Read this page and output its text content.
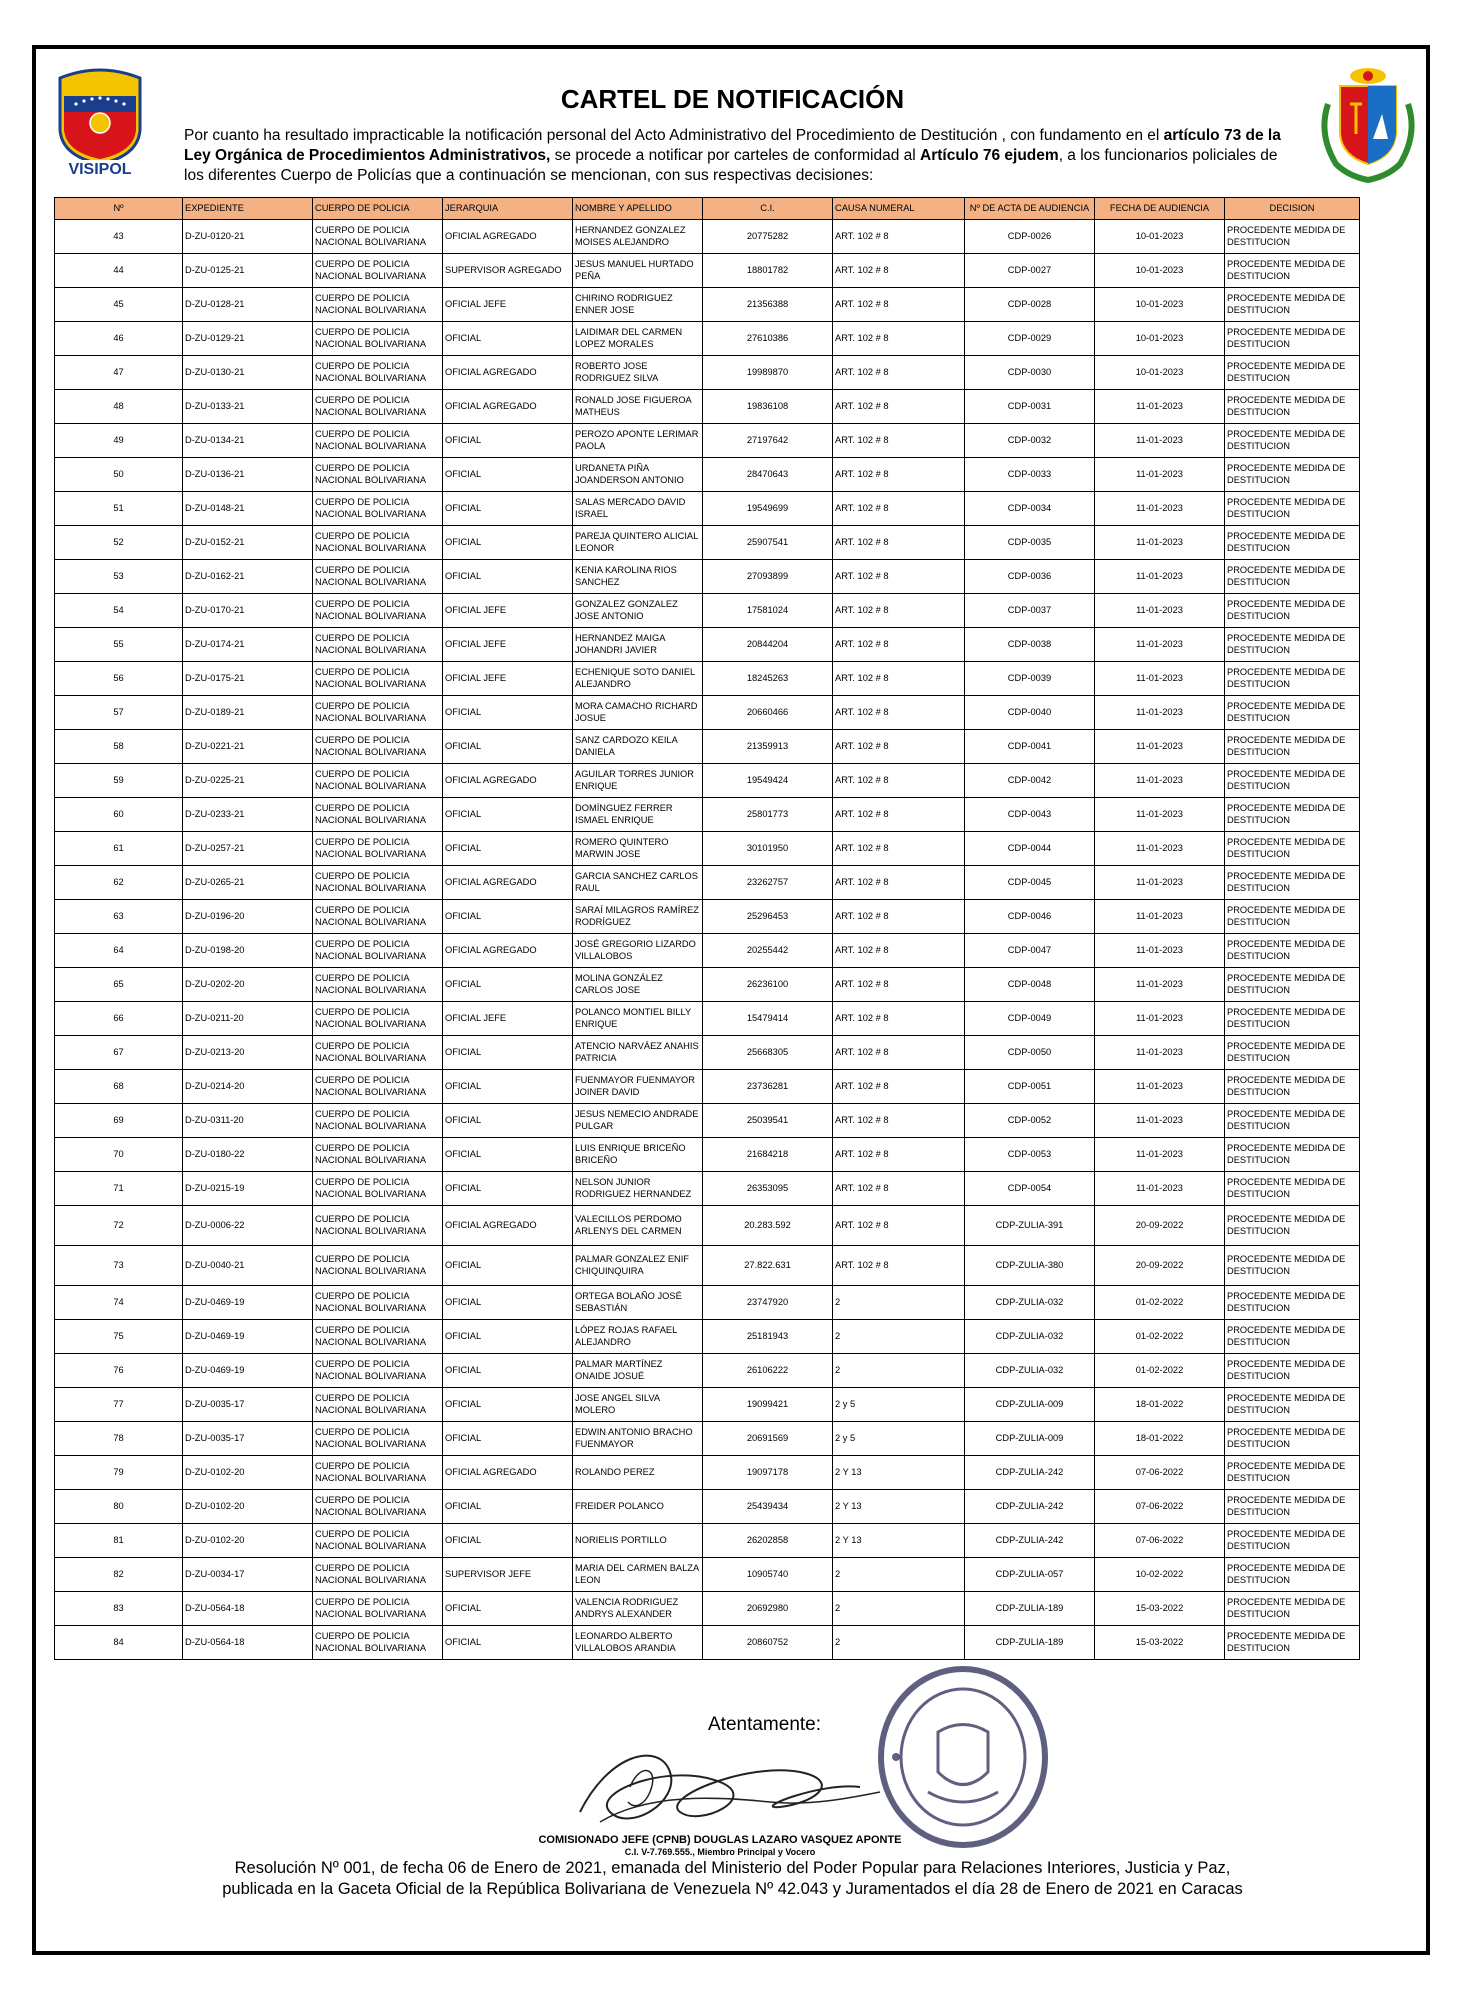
VISIPOL
CARTEL DE NOTIFICACIÓN
Por cuanto ha resultado impracticable la notificación personal del Acto Administrativo del Procedimiento de Destitución , con fundamento en el artículo 73 de la Ley Orgánica de Procedimientos Administrativos, se procede a notificar por carteles de conformidad al Artículo 76 ejudem, a los funcionarios policiales de los diferentes Cuerpo de Policías que a continuación se mencionan, con sus respectivas decisiones:
Nº	EXPEDIENTE	CUERPO DE POLICIA	JERARQUIA	NOMBRE Y APELLIDO	C.I.	CAUSA NUMERAL	Nº DE ACTA DE AUDIENCIA	FECHA DE AUDIENCIA	DECISION
43	D-ZU-0120-21	CUERPO DE POLICIA NACIONAL BOLIVARIANA	OFICIAL AGREGADO	HERNANDEZ GONZALEZ MOISES ALEJANDRO	20775282	ART. 102 # 8	CDP-0026	10-01-2023	PROCEDENTE MEDIDA DE DESTITUCION
44	D-ZU-0125-21	CUERPO DE POLICIA NACIONAL BOLIVARIANA	SUPERVISOR AGREGADO	JESUS MANUEL HURTADO PEÑA	18801782	ART. 102 # 8	CDP-0027	10-01-2023	PROCEDENTE MEDIDA DE DESTITUCION
45	D-ZU-0128-21	CUERPO DE POLICIA NACIONAL BOLIVARIANA	OFICIAL JEFE	CHIRINO RODRIGUEZ ENNER JOSE	21356388	ART. 102 # 8	CDP-0028	10-01-2023	PROCEDENTE MEDIDA DE DESTITUCION
46	D-ZU-0129-21	CUERPO DE POLICIA NACIONAL BOLIVARIANA	OFICIAL	LAIDIMAR DEL CARMEN LOPEZ MORALES	27610386	ART. 102 # 8	CDP-0029	10-01-2023	PROCEDENTE MEDIDA DE DESTITUCION
47	D-ZU-0130-21	CUERPO DE POLICIA NACIONAL BOLIVARIANA	OFICIAL AGREGADO	ROBERTO JOSE RODRIGUEZ SILVA	19989870	ART. 102 # 8	CDP-0030	10-01-2023	PROCEDENTE MEDIDA DE DESTITUCION
48	D-ZU-0133-21	CUERPO DE POLICIA NACIONAL BOLIVARIANA	OFICIAL AGREGADO	RONALD JOSE FIGUEROA MATHEUS	19836108	ART. 102 # 8	CDP-0031	11-01-2023	PROCEDENTE MEDIDA DE DESTITUCION
49	D-ZU-0134-21	CUERPO DE POLICIA NACIONAL BOLIVARIANA	OFICIAL	PEROZO APONTE LERIMAR PAOLA	27197642	ART. 102 # 8	CDP-0032	11-01-2023	PROCEDENTE MEDIDA DE DESTITUCION
50	D-ZU-0136-21	CUERPO DE POLICIA NACIONAL BOLIVARIANA	OFICIAL	URDANETA PIÑA JOANDERSON ANTONIO	28470643	ART. 102 # 8	CDP-0033	11-01-2023	PROCEDENTE MEDIDA DE DESTITUCION
51	D-ZU-0148-21	CUERPO DE POLICIA NACIONAL BOLIVARIANA	OFICIAL	SALAS MERCADO DAVID ISRAEL	19549699	ART. 102 # 8	CDP-0034	11-01-2023	PROCEDENTE MEDIDA DE DESTITUCION
52	D-ZU-0152-21	CUERPO DE POLICIA NACIONAL BOLIVARIANA	OFICIAL	PAREJA QUINTERO ALICIAL LEONOR	25907541	ART. 102 # 8	CDP-0035	11-01-2023	PROCEDENTE MEDIDA DE DESTITUCION
53	D-ZU-0162-21	CUERPO DE POLICIA NACIONAL BOLIVARIANA	OFICIAL	KENIA KAROLINA RIOS SANCHEZ	27093899	ART. 102 # 8	CDP-0036	11-01-2023	PROCEDENTE MEDIDA DE DESTITUCION
54	D-ZU-0170-21	CUERPO DE POLICIA NACIONAL BOLIVARIANA	OFICIAL JEFE	GONZALEZ GONZALEZ JOSE ANTONIO	17581024	ART. 102 # 8	CDP-0037	11-01-2023	PROCEDENTE MEDIDA DE DESTITUCION
55	D-ZU-0174-21	CUERPO DE POLICIA NACIONAL BOLIVARIANA	OFICIAL JEFE	HERNANDEZ MAIGA JOHANDRI JAVIER	20844204	ART. 102 # 8	CDP-0038	11-01-2023	PROCEDENTE MEDIDA DE DESTITUCION
56	D-ZU-0175-21	CUERPO DE POLICIA NACIONAL BOLIVARIANA	OFICIAL JEFE	ECHENIQUE SOTO DANIEL ALEJANDRO	18245263	ART. 102 # 8	CDP-0039	11-01-2023	PROCEDENTE MEDIDA DE DESTITUCION
57	D-ZU-0189-21	CUERPO DE POLICIA NACIONAL BOLIVARIANA	OFICIAL	MORA CAMACHO RICHARD JOSUE	20660466	ART. 102 # 8	CDP-0040	11-01-2023	PROCEDENTE MEDIDA DE DESTITUCION
58	D-ZU-0221-21	CUERPO DE POLICIA NACIONAL BOLIVARIANA	OFICIAL	SANZ CARDOZO KEILA DANIELA	21359913	ART. 102 # 8	CDP-0041	11-01-2023	PROCEDENTE MEDIDA DE DESTITUCION
59	D-ZU-0225-21	CUERPO DE POLICIA NACIONAL BOLIVARIANA	OFICIAL AGREGADO	AGUILAR TORRES JUNIOR ENRIQUE	19549424	ART. 102 # 8	CDP-0042	11-01-2023	PROCEDENTE MEDIDA DE DESTITUCION
60	D-ZU-0233-21	CUERPO DE POLICIA NACIONAL BOLIVARIANA	OFICIAL	DOMÍNGUEZ FERRER ISMAEL ENRIQUE	25801773	ART. 102 # 8	CDP-0043	11-01-2023	PROCEDENTE MEDIDA DE DESTITUCION
61	D-ZU-0257-21	CUERPO DE POLICIA NACIONAL BOLIVARIANA	OFICIAL	ROMERO QUINTERO MARWIN JOSE	30101950	ART. 102 # 8	CDP-0044	11-01-2023	PROCEDENTE MEDIDA DE DESTITUCION
62	D-ZU-0265-21	CUERPO DE POLICIA NACIONAL BOLIVARIANA	OFICIAL AGREGADO	GARCIA SANCHEZ CARLOS RAUL	23262757	ART. 102 # 8	CDP-0045	11-01-2023	PROCEDENTE MEDIDA DE DESTITUCION
63	D-ZU-0196-20	CUERPO DE POLICIA NACIONAL BOLIVARIANA	OFICIAL	SARAÍ MILAGROS RAMÍREZ RODRÍGUEZ	25296453	ART. 102 # 8	CDP-0046	11-01-2023	PROCEDENTE MEDIDA DE DESTITUCION
64	D-ZU-0198-20	CUERPO DE POLICIA NACIONAL BOLIVARIANA	OFICIAL AGREGADO	JOSÉ GREGORIO LIZARDO VILLALOBOS	20255442	ART. 102 # 8	CDP-0047	11-01-2023	PROCEDENTE MEDIDA DE DESTITUCION
65	D-ZU-0202-20	CUERPO DE POLICIA NACIONAL BOLIVARIANA	OFICIAL	MOLINA GONZÁLEZ CARLOS JOSE	26236100	ART. 102 # 8	CDP-0048	11-01-2023	PROCEDENTE MEDIDA DE DESTITUCION
66	D-ZU-0211-20	CUERPO DE POLICIA NACIONAL BOLIVARIANA	OFICIAL JEFE	POLANCO MONTIEL BILLY ENRIQUE	15479414	ART. 102 # 8	CDP-0049	11-01-2023	PROCEDENTE MEDIDA DE DESTITUCION
67	D-ZU-0213-20	CUERPO DE POLICIA NACIONAL BOLIVARIANA	OFICIAL	ATENCIO NARVÁEZ ANAHIS PATRICIA	25668305	ART. 102 # 8	CDP-0050	11-01-2023	PROCEDENTE MEDIDA DE DESTITUCION
68	D-ZU-0214-20	CUERPO DE POLICIA NACIONAL BOLIVARIANA	OFICIAL	FUENMAYOR FUENMAYOR JOINER DAVID	23736281	ART. 102 # 8	CDP-0051	11-01-2023	PROCEDENTE MEDIDA DE DESTITUCION
69	D-ZU-0311-20	CUERPO DE POLICIA NACIONAL BOLIVARIANA	OFICIAL	JESUS NEMECIO ANDRADE PULGAR	25039541	ART. 102 # 8	CDP-0052	11-01-2023	PROCEDENTE MEDIDA DE DESTITUCION
70	D-ZU-0180-22	CUERPO DE POLICIA NACIONAL BOLIVARIANA	OFICIAL	LUIS ENRIQUE BRICEÑO BRICEÑO	21684218	ART. 102 # 8	CDP-0053	11-01-2023	PROCEDENTE MEDIDA DE DESTITUCION
71	D-ZU-0215-19	CUERPO DE POLICIA NACIONAL BOLIVARIANA	OFICIAL	NELSON JUNIOR RODRIGUEZ HERNANDEZ	26353095	ART. 102 # 8	CDP-0054	11-01-2023	PROCEDENTE MEDIDA DE DESTITUCION
72	D-ZU-0006-22	CUERPO DE POLICIA NACIONAL BOLIVARIANA	OFICIAL AGREGADO	VALECILLOS PERDOMO ARLENYS DEL CARMEN	20.283.592	ART. 102 # 8	CDP-ZULIA-391	20-09-2022	PROCEDENTE MEDIDA DE DESTITUCION
73	D-ZU-0040-21	CUERPO DE POLICIA NACIONAL BOLIVARIANA	OFICIAL	PALMAR GONZALEZ ENIF CHIQUINQUIRA	27.822.631	ART. 102 # 8	CDP-ZULIA-380	20-09-2022	PROCEDENTE MEDIDA DE DESTITUCION
74	D-ZU-0469-19	CUERPO DE POLICIA NACIONAL BOLIVARIANA	OFICIAL	ORTEGA BOLAÑO JOSÉ SEBASTIÁN	23747920	2	CDP-ZULIA-032	01-02-2022	PROCEDENTE MEDIDA DE DESTITUCION
75	D-ZU-0469-19	CUERPO DE POLICIA NACIONAL BOLIVARIANA	OFICIAL	LÓPEZ ROJAS RAFAEL ALEJANDRO	25181943	2	CDP-ZULIA-032	01-02-2022	PROCEDENTE MEDIDA DE DESTITUCION
76	D-ZU-0469-19	CUERPO DE POLICIA NACIONAL BOLIVARIANA	OFICIAL	PALMAR MARTÍNEZ ONAIDE JOSUÉ	26106222	2	CDP-ZULIA-032	01-02-2022	PROCEDENTE MEDIDA DE DESTITUCION
77	D-ZU-0035-17	CUERPO DE POLICIA NACIONAL BOLIVARIANA	OFICIAL	JOSE ANGEL SILVA MOLERO	19099421	2 y 5	CDP-ZULIA-009	18-01-2022	PROCEDENTE MEDIDA DE DESTITUCION
78	D-ZU-0035-17	CUERPO DE POLICIA NACIONAL BOLIVARIANA	OFICIAL	EDWIN ANTONIO BRACHO FUENMAYOR	20691569	2 y 5	CDP-ZULIA-009	18-01-2022	PROCEDENTE MEDIDA DE DESTITUCION
79	D-ZU-0102-20	CUERPO DE POLICIA NACIONAL BOLIVARIANA	OFICIAL AGREGADO	ROLANDO PEREZ	19097178	2 Y 13	CDP-ZULIA-242	07-06-2022	PROCEDENTE MEDIDA DE DESTITUCION
80	D-ZU-0102-20	CUERPO DE POLICIA NACIONAL BOLIVARIANA	OFICIAL	FREIDER POLANCO	25439434	2 Y 13	CDP-ZULIA-242	07-06-2022	PROCEDENTE MEDIDA DE DESTITUCION
81	D-ZU-0102-20	CUERPO DE POLICIA NACIONAL BOLIVARIANA	OFICIAL	NORIELIS PORTILLO	26202858	2 Y 13	CDP-ZULIA-242	07-06-2022	PROCEDENTE MEDIDA DE DESTITUCION
82	D-ZU-0034-17	CUERPO DE POLICIA NACIONAL BOLIVARIANA	SUPERVISOR JEFE	MARIA DEL CARMEN BALZA LEON	10905740	2	CDP-ZULIA-057	10-02-2022	PROCEDENTE MEDIDA DE DESTITUCION
83	D-ZU-0564-18	CUERPO DE POLICIA NACIONAL BOLIVARIANA	OFICIAL	VALENCIA RODRIGUEZ ANDRYS ALEXANDER	20692980	2	CDP-ZULIA-189	15-03-2022	PROCEDENTE MEDIDA DE DESTITUCION
84	D-ZU-0564-18	CUERPO DE POLICIA NACIONAL BOLIVARIANA	OFICIAL	LEONARDO ALBERTO VILLALOBOS ARANDIA	20860752	2	CDP-ZULIA-189	15-03-2022	PROCEDENTE MEDIDA DE DESTITUCION
Atentamente:
COMISIONADO JEFE (CPNB) DOUGLAS LAZARO VASQUEZ APONTE
C.I. V-7.769.555., Miembro Principal y Vocero
Resolución Nº 001, de fecha 06 de Enero de 2021, emanada del Ministerio del Poder Popular para Relaciones Interiores, Justicia y Paz,
publicada en la Gaceta Oficial de la República Bolivariana de Venezuela Nº 42.043 y Juramentados el día 28 de Enero de 2021 en Caracas
